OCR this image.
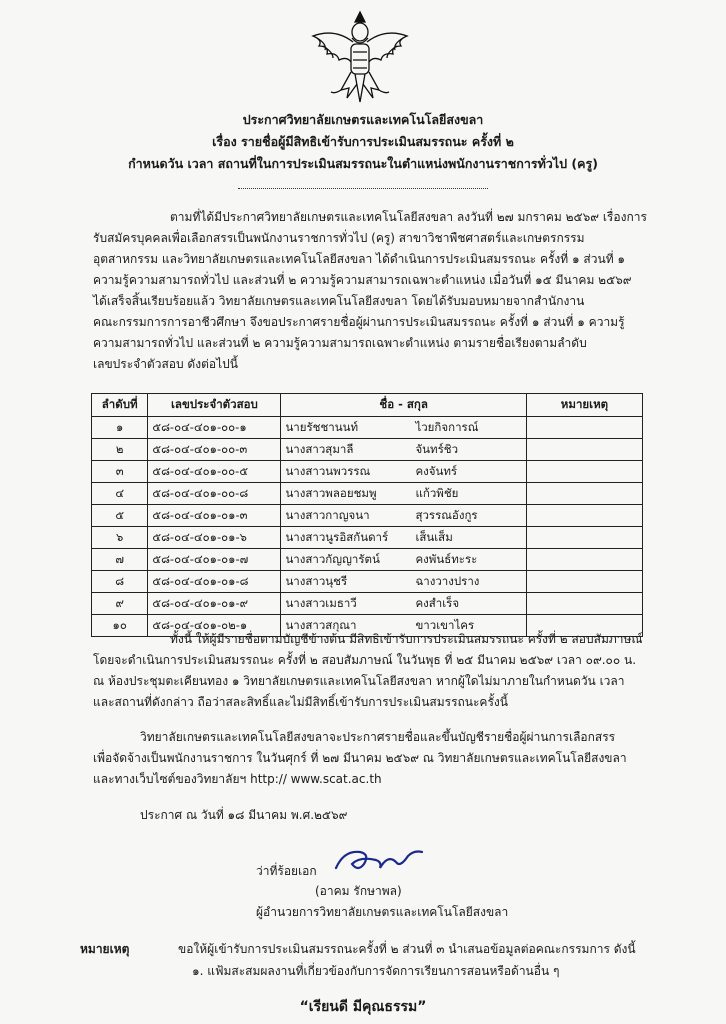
ประกาศวิทยาลัยเกษตรและเทคโนโลยีสงขลา
เรื่อง รายชื่อผู้มีสิทธิเข้ารับการประเมินสมรรถนะ ครั้งที่ ๒
กำหนดวัน เวลา สถานที่ในการประเมินสมรรถนะในตำแหน่งพนักงานราชการทั่วไป (ครู)
ตามที่ได้มีประกาศวิทยาลัยเกษตรและเทคโนโลยีสงขลา ลงวันที่ ๒๗ มกราคม ๒๕๖๙ เรื่องการ
รับสมัครบุคคลเพื่อเลือกสรรเป็นพนักงานราชการทั่วไป (ครู) สาขาวิชาพืชศาสตร์และเกษตรกรรม
อุตสาหกรรม และวิทยาลัยเกษตรและเทคโนโลยีสงขลา ได้ดำเนินการประเมินสมรรถนะ ครั้งที่ ๑ ส่วนที่ ๑
ความรู้ความสามารถทั่วไป และส่วนที่ ๒ ความรู้ความสามารถเฉพาะตำแหน่ง เมื่อวันที่ ๑๕ มีนาคม ๒๕๖๙
ได้เสร็จสิ้นเรียบร้อยแล้ว วิทยาลัยเกษตรและเทคโนโลยีสงขลา โดยได้รับมอบหมายจากสำนักงาน
คณะกรรมการการอาชีวศึกษา จึงขอประกาศรายชื่อผู้ผ่านการประเมินสมรรถนะ ครั้งที่ ๑ ส่วนที่ ๑ ความรู้
ความสามารถทั่วไป และส่วนที่ ๒ ความรู้ความสามารถเฉพาะตำแหน่ง ตามรายชื่อเรียงตามลำดับ
เลขประจำตัวสอบ ดังต่อไปนี้
ลำดับที่	เลขประจำตัวสอบ	ชื่อ - สกุล	หมายเหตุ
๑	๕๘-๐๔-๔๐๑-๐๐-๑	นายรัชชานนท์ ไวยกิจการณ์	
๒	๕๘-๐๔-๔๐๑-๐๐-๓	นางสาวสุมาลี จันทร์ชิว	
๓	๕๘-๐๔-๔๐๑-๐๐-๕	นางสาวนพวรรณ คงจันทร์	
๔	๕๘-๐๔-๔๐๑-๐๐-๘	นางสาวพลอยชมพู แก้วพิชัย	
๕	๕๘-๐๔-๔๐๑-๐๑-๓	นางสาวกาญจนา สุวรรณอังกูร	
๖	๕๘-๐๔-๔๐๑-๐๑-๖	นางสาวนูรอิสกันดาร์ เส็นเส็ม	
๗	๕๘-๐๔-๔๐๑-๐๑-๗	นางสาวกัญญารัตน์ คงพันธ์ทะระ	
๘	๕๘-๐๔-๔๐๑-๐๑-๘	นางสาวนุชรี ฉางวางปราง	
๙	๕๘-๐๔-๔๐๑-๐๑-๙	นางสาวเมธาวี คงสำเร็จ	
๑๐	๕๘-๐๔-๔๐๑-๐๒-๑	นางสาวสกุณา ขาวเขาไคร	
ทั้งนี้ ให้ผู้มีรายชื่อตามบัญชีข้างต้น มีสิทธิเข้ารับการประเมินสมรรถนะ ครั้งที่ ๒ สอบสัมภาษณ์
โดยจะดำเนินการประเมินสมรรถนะ ครั้งที่ ๒ สอบสัมภาษณ์ ในวันพุธ ที่ ๒๕ มีนาคม ๒๕๖๙ เวลา ๐๙.๐๐ น.
ณ ห้องประชุมตะเคียนทอง ๑ วิทยาลัยเกษตรและเทคโนโลยีสงขลา หากผู้ใดไม่มาภายในกำหนดวัน เวลา
และสถานที่ดังกล่าว ถือว่าสละสิทธิ์และไม่มีสิทธิ์เข้ารับการประเมินสมรรถนะครั้งนี้
วิทยาลัยเกษตรและเทคโนโลยีสงขลาจะประกาศรายชื่อและขึ้นบัญชีรายชื่อผู้ผ่านการเลือกสรร
เพื่อจัดจ้างเป็นพนักงานราชการ ในวันศุกร์ ที่ ๒๗ มีนาคม ๒๕๖๙ ณ วิทยาลัยเกษตรและเทคโนโลยีสงขลา
และทางเว็บไซต์ของวิทยาลัยฯ http:// www.scat.ac.th
ประกาศ ณ วันที่ ๑๘ มีนาคม พ.ศ.๒๕๖๙
ว่าที่ร้อยเอก
(อาคม รักษาพล)
ผู้อำนวยการวิทยาลัยเกษตรและเทคโนโลยีสงขลา
หมายเหตุ	ขอให้ผู้เข้ารับการประเมินสมรรถนะครั้งที่ ๒ ส่วนที่ ๓ นำเสนอข้อมูลต่อคณะกรรมการ ดังนี้
๑. แฟ้มสะสมผลงานที่เกี่ยวข้องกับการจัดการเรียนการสอนหรือด้านอื่น ๆ
“เรียนดี มีคุณธรรม”
